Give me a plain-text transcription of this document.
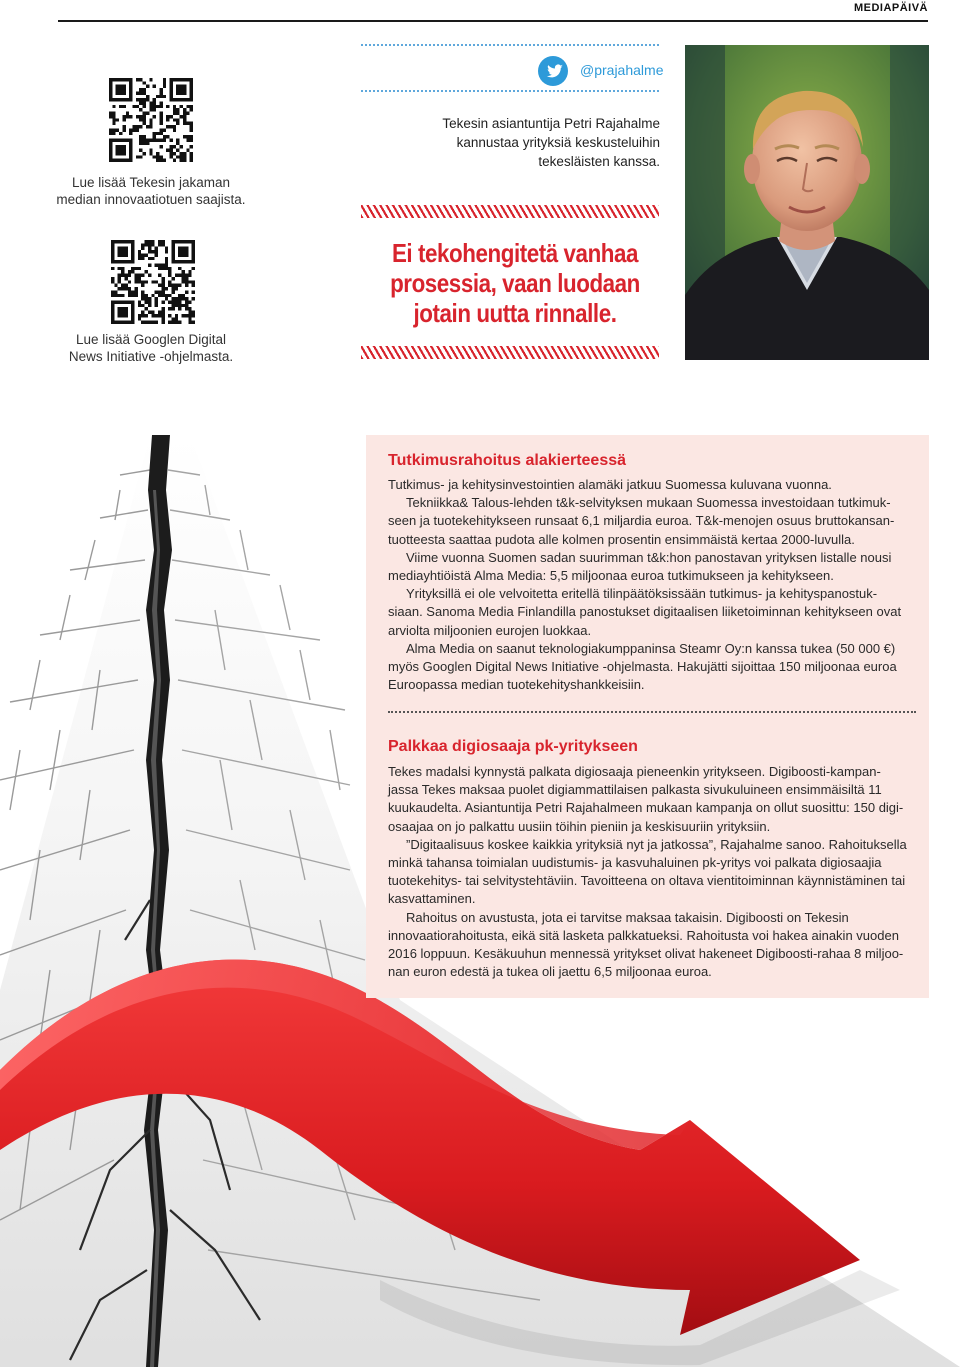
MEDIAPÄIVÄ
Lue lisää Tekesin jakaman
median innovaatiotuen saajista.
Lue lisää Googlen Digital
News Initiative -ohjelmasta.
@prajahalme
Tekesin asiantuntija Petri Rajahalme
kannustaa yrityksiä keskusteluihin
tekesläisten kanssa.
Ei tekohengitetä vanhaa
prosessia, vaan luodaan
jotain uutta rinnalle.
Tutkimusrahoitus alakierteessä

Tutkimus- ja kehitysinvestointien alamäki jatkuu Suomessa kuluvana vuonna.

Tekniikka& Talous-lehden t&k-selvityksen mukaan Suomessa investoidaan tutkimuk-seen ja tuotekehitykseen runsaat 6,1 miljardia euroa. T&k-menojen osuus bruttokansan-tuotteesta saattaa pudota alle kolmen prosentin ensimmäistä kertaa 2000-luvulla.

Viime vuonna Suomen sadan suurimman t&k:hon panostavan yrityksen listalle nousi mediayhtiöistä Alma Media: 5,5 miljoonaa euroa tutkimukseen ja kehitykseen.

Yrityksillä ei ole velvoitetta eritellä tilinpäätöksissään tutkimus- ja kehityspanostuk-siaan. Sanoma Media Finlandilla panostukset digitaalisen liiketoiminnan kehitykseen ovat arviolta miljoonien eurojen luokkaa.

Alma Media on saanut teknologiakumppaninsa Steamr Oy:n kanssa tukea (50 000 €) myös Googlen Digital News Initiative -ohjelmasta. Hakujätti sijoittaa 150 miljoonaa euroa Euroopassa median tuotekehityshankkeisiin.

Palkkaa digiosaaja pk-yritykseen

Tekes madalsi kynnystä palkata digiosaaja pieneenkin yritykseen. Digiboosti-kampan-jassa Tekes maksaa puolet digiammattilaisen palkasta sivukuluineen ensimmäisiltä 11 kuukaudelta. Asiantuntija Petri Rajahalmeen mukaan kampanja on ollut suosittu: 150 digi-osaajaa on jo palkattu uusiin töihin pieniin ja keskisuuriin yrityksiin.

”Digitaalisuus koskee kaikkia yrityksiä nyt ja jatkossa”, Rajahalme sanoo. Rahoituksella minkä tahansa toimialan uudistumis- ja kasvuhaluinen pk-yritys voi palkata digiosaajia tuotekehitys- tai selvitystehtäviin. Tavoitteena on oltava vientitoiminnan käynnistäminen tai kasvattaminen.

Rahoitus on avustusta, jota ei tarvitse maksaa takaisin. Digiboosti on Tekesin innovaatiorahoitusta, eikä sitä lasketa palkkatueksi. Rahoitusta voi hakea ainakin vuoden 2016 loppuun. Kesäkuuhun mennessä yritykset olivat hakeneet Digiboosti-rahaa 8 miljoo-nan euron edestä ja tukea oli jaettu 6,5 miljoonaa euroa.
